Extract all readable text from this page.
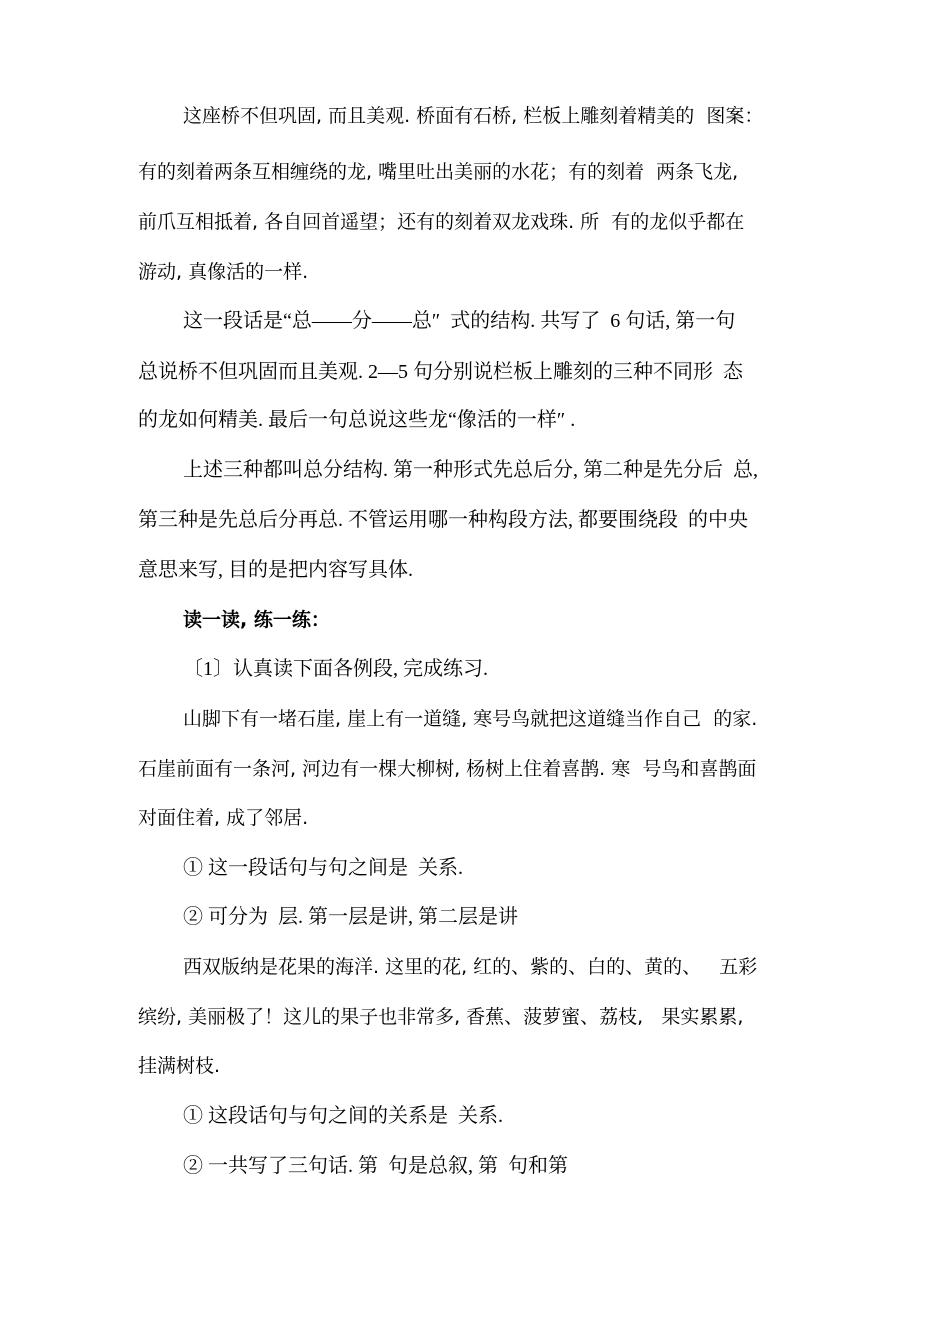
这座桥不但巩固, 而且美观. 桥面有石桥, 栏板上雕刻着精美的  图案：
有的刻着两条互相缠绕的龙, 嘴里吐出美丽的水花；有的刻着  两条飞龙,
前爪互相抵着, 各自回首遥望；还有的刻着双龙戏珠. 所  有的龙似乎都在
游动, 真像活的一样.
这一段话是“总——分——总″  式的结构. 共写了  6 句话, 第一句
总说桥不但巩固而且美观. 2—5 句分别说栏板上雕刻的三种不同形  态
的龙如何精美. 最后一句总说这些龙“像活的一样″ .
上述三种都叫总分结构. 第一种形式先总后分, 第二种是先分后  总,
第三种是先总后分再总. 不管运用哪一种构段方法, 都要围绕段  的中央
意思来写, 目的是把内容写具体.
读一读, 练一练：
〔1〕认真读下面各例段, 完成练习.
山脚下有一堵石崖, 崖上有一道缝, 寒号鸟就把这道缝当作自己  的家.
石崖前面有一条河, 河边有一棵大柳树, 杨树上住着喜鹊. 寒  号鸟和喜鹊面
对面住着, 成了邻居.
① 这一段话句与句之间是  关系.
② 可分为  层. 第一层是讲, 第二层是讲
西双版纳是花果的海洋. 这里的花, 红的、紫的、白的、黄的、   五彩
缤纷, 美丽极了！这儿的果子也非常多, 香蕉、菠萝蜜、荔枝,   果实累累,
挂满树枝.
① 这段话句与句之间的关系是  关系.
② 一共写了三句话. 第  句是总叙, 第  句和第
